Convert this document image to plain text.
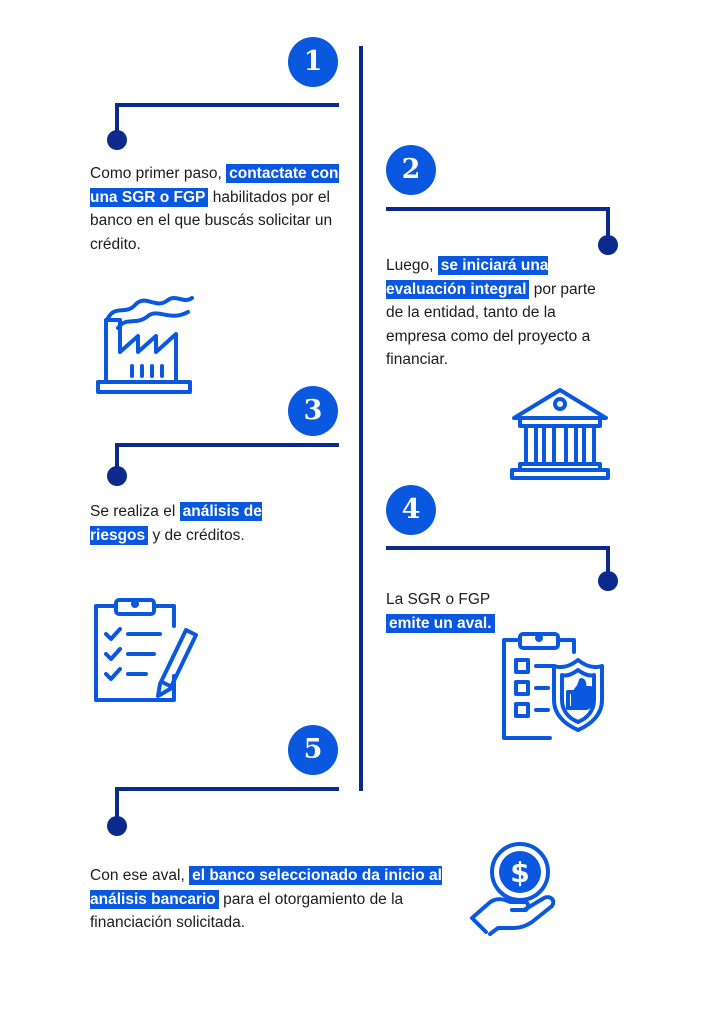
1
Como primer paso, contactate con una SGR o FGP habilitados por el banco en el que buscás solicitar un crédito.
2
Luego, se iniciará una evaluación integral por parte de la entidad, tanto de la empresa como del proyecto a financiar.
3
Se realiza el análisis de riesgos y de créditos.
4
La SGR o FGP emite un aval.
5
Con ese aval, el banco seleccionado da inicio al análisis bancario para el otorgamiento de la financiación solicitada.
$
